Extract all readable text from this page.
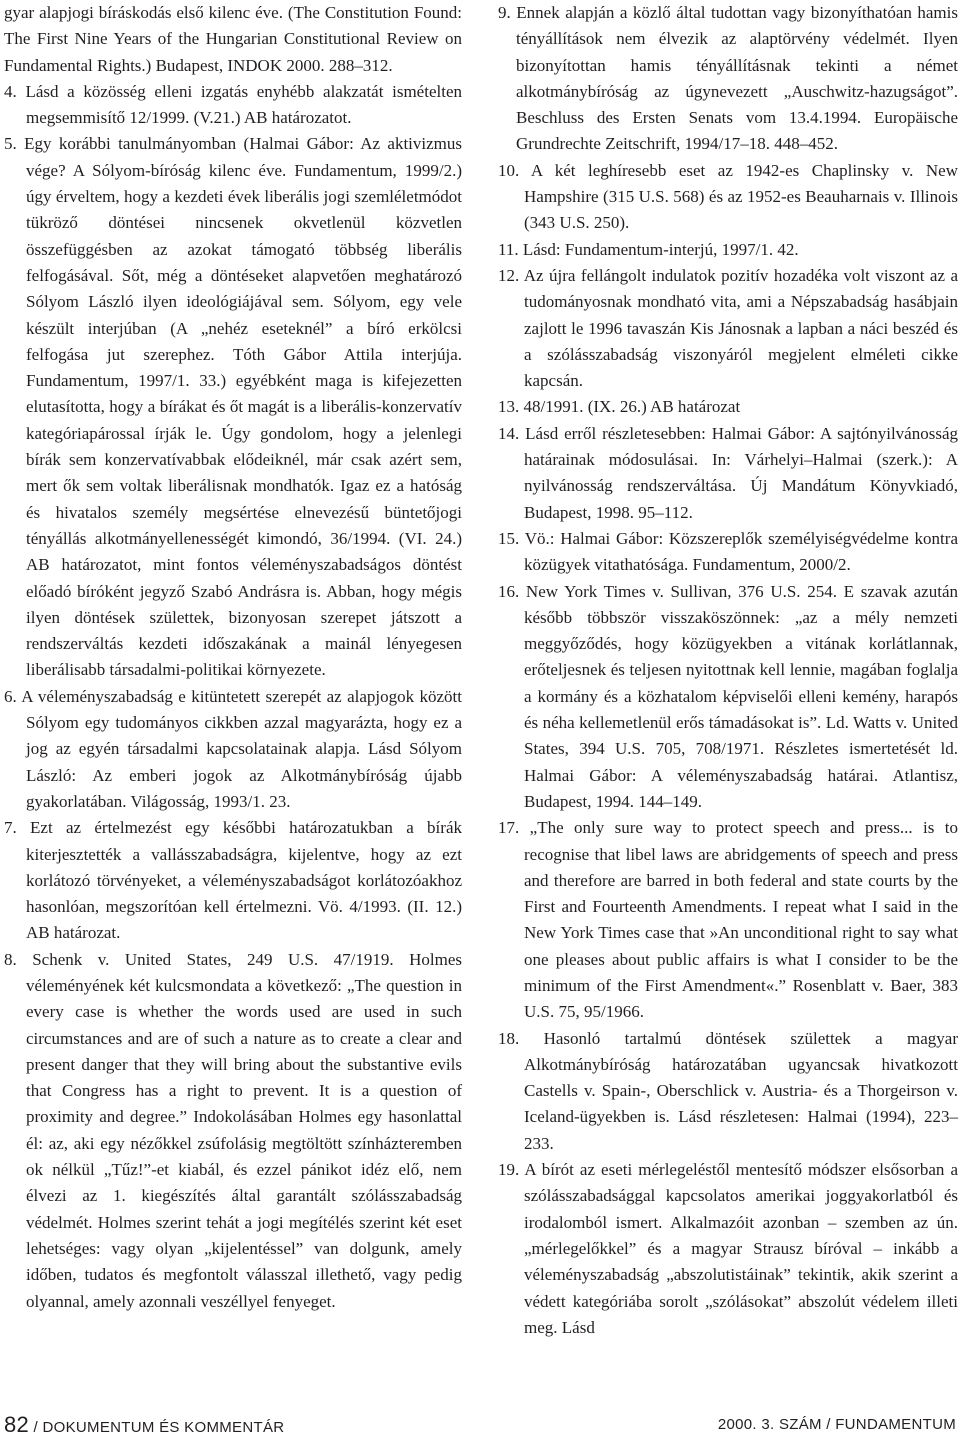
gyar alapjogi bíráskodás első kilenc éve. (The Constitution Found: The First Nine Years of the Hungarian Constitutional Review on Fundamental Rights.) Budapest, INDOK 2000. 288–312.

4. Lásd a közösség elleni izgatás enyhébb alakzatát ismételten megsemmisítő 12/1999. (V.21.) AB határozatot.

5. Egy korábbi tanulmányomban (Halmai Gábor: Az aktivizmus vége? A Sólyom-bíróság kilenc éve. Fundamentum, 1999/2.) úgy érveltem, hogy a kezdeti évek liberális jogi szemléletmódot tükröző döntései nincsenek okvetlenül közvetlen összefüggésben az azokat támogató többség liberális felfogásával. Sőt, még a döntéseket alapvetően meghatározó Sólyom László ilyen ideológiájával sem. Sólyom, egy vele készült interjúban (A „nehéz eseteknél” a bíró erkölcsi felfogása jut szerephez. Tóth Gábor Attila interjúja. Fundamentum, 1997/1. 33.) egyébként maga is kifejezetten elutasította, hogy a bírákat és őt magát is a liberális-konzervatív kategóriapárossal írják le. Úgy gondolom, hogy a jelenlegi bírák sem konzervatívabbak elődeiknél, már csak azért sem, mert ők sem voltak liberálisnak mondhatók. Igaz ez a hatóság és hivatalos személy megsértése elnevezésű büntetőjogi tényállás alkotmányellenességét kimondó, 36/1994. (VI. 24.) AB határozatot, mint fontos véleményszabadságos döntést előadó bíróként jegyző Szabó Andrásra is. Abban, hogy mégis ilyen döntések születtek, bizonyosan szerepet játszott a rendszerváltás kezdeti időszakának a mainál lényegesen liberálisabb társadalmi-politikai környezete.

6. A véleményszabadság e kitüntetett szerepét az alapjogok között Sólyom egy tudományos cikkben azzal magyarázta, hogy ez a jog az egyén társadalmi kapcsolatainak alapja. Lásd Sólyom László: Az emberi jogok az Alkotmánybíróság újabb gyakorlatában. Világosság, 1993/1. 23.

7. Ezt az értelmezést egy későbbi határozatukban a bírák kiterjesztették a vallásszabadságra, kijelentve, hogy az ezt korlátozó törvényeket, a véleményszabadságot korlátozóakhoz hasonlóan, megszorítóan kell értelmezni. Vö. 4/1993. (II. 12.) AB határozat.

8. Schenk v. United States, 249 U.S. 47/1919. Holmes véleményének két kulcsmondata a következő: „The question in every case is whether the words used are used in such circumstances and are of such a nature as to create a clear and present danger that they will bring about the substantive evils that Congress has a right to prevent. It is a question of proximity and degree.” Indokolásában Holmes egy hasonlattal él: az, aki egy nézőkkel zsúfolásig megtöltött színházteremben ok nélkül „Tűz!”-et kiabál, és ezzel pánikot idéz elő, nem élvezi az 1. kiegészítés által garantált szólásszabadság védelmét. Holmes szerint tehát a jogi megítélés szerint két eset lehetséges: vagy olyan „kijelentéssel” van dolgunk, amely időben, tudatos és megfontolt válasszal illethető, vagy pedig olyannal, amely azonnali veszéllyel fenyeget.

9. Ennek alapján a közlő által tudottan vagy bizonyíthatóan hamis tényállítások nem élvezik az alaptörvény védelmét. Ilyen bizonyítottan hamis tényállításnak tekinti a német alkotmánybíróság az úgynevezett „Auschwitz-hazugságot”. Beschluss des Ersten Senats vom 13.4.1994. Europäische Grundrechte Zeitschrift, 1994/17–18. 448–452.

10. A két leghíresebb eset az 1942-es Chaplinsky v. New Hampshire (315 U.S. 568) és az 1952-es Beauharnais v. Illinois (343 U.S. 250).

11. Lásd: Fundamentum-interjú, 1997/1. 42.

12. Az újra fellángolt indulatok pozitív hozadéka volt viszont az a tudományosnak mondható vita, ami a Népszabadság hasábjain zajlott le 1996 tavaszán Kis Jánosnak a lapban a náci beszéd és a szólásszabadság viszonyáról megjelent elméleti cikke kapcsán.

13. 48/1991. (IX. 26.) AB határozat

14. Lásd erről részletesebben: Halmai Gábor: A sajtónyilvánosság határainak módosulásai. In: Várhelyi–Halmai (szerk.): A nyilvánosság rendszerváltása. Új Mandátum Könyvkiadó, Budapest, 1998. 95–112.

15. Vö.: Halmai Gábor: Közszereplők személyiségvédelme kontra közügyek vitathatósága. Fundamentum, 2000/2.

16. New York Times v. Sullivan, 376 U.S. 254. E szavak azután később többször visszaköszönnek: „az a mély nemzeti meggyőződés, hogy közügyekben a vitának korlátlannak, erőteljesnek és teljesen nyitottnak kell lennie, magában foglalja a kormány és a közhatalom képviselői elleni kemény, harapós és néha kellemetlenül erős támadásokat is”. Ld. Watts v. United States, 394 U.S. 705, 708/1971. Részletes ismertetését ld. Halmai Gábor: A véleményszabadság határai. Atlantisz, Budapest, 1994. 144–149.

17. „The only sure way to protect speech and press... is to recognise that libel laws are abridgements of speech and press and therefore are barred in both federal and state courts by the First and Fourteenth Amendments. I repeat what I said in the New York Times case that »An unconditional right to say what one pleases about public affairs is what I consider to be the minimum of the First Amendment«.” Rosenblatt v. Baer, 383 U.S. 75, 95/1966.

18. Hasonló tartalmú döntések születtek a magyar Alkotmánybíróság határozatában ugyancsak hivatkozott Castells v. Spain-, Oberschlick v. Austria- és a Thorgeirson v. Iceland-ügyekben is. Lásd részletesen: Halmai (1994), 223–233.

19. A bírót az eseti mérlegeléstől mentesítő módszer elsősorban a szólásszabadsággal kapcsolatos amerikai joggyakorlatból és irodalomból ismert. Alkalmazóit azonban – szemben az ún. „mérlegelőkkel” és a magyar Strausz bíróval – inkább a véleményszabadság „abszolutistáinak” tekintik, akik szerint a védett kategóriába sorolt „szólásokat” abszolút védelem illeti meg. Lásd

82 / DOKUMENTUM ÉS KOMMENTÁR	2000. 3. SZÁM / FUNDAMENTUM
